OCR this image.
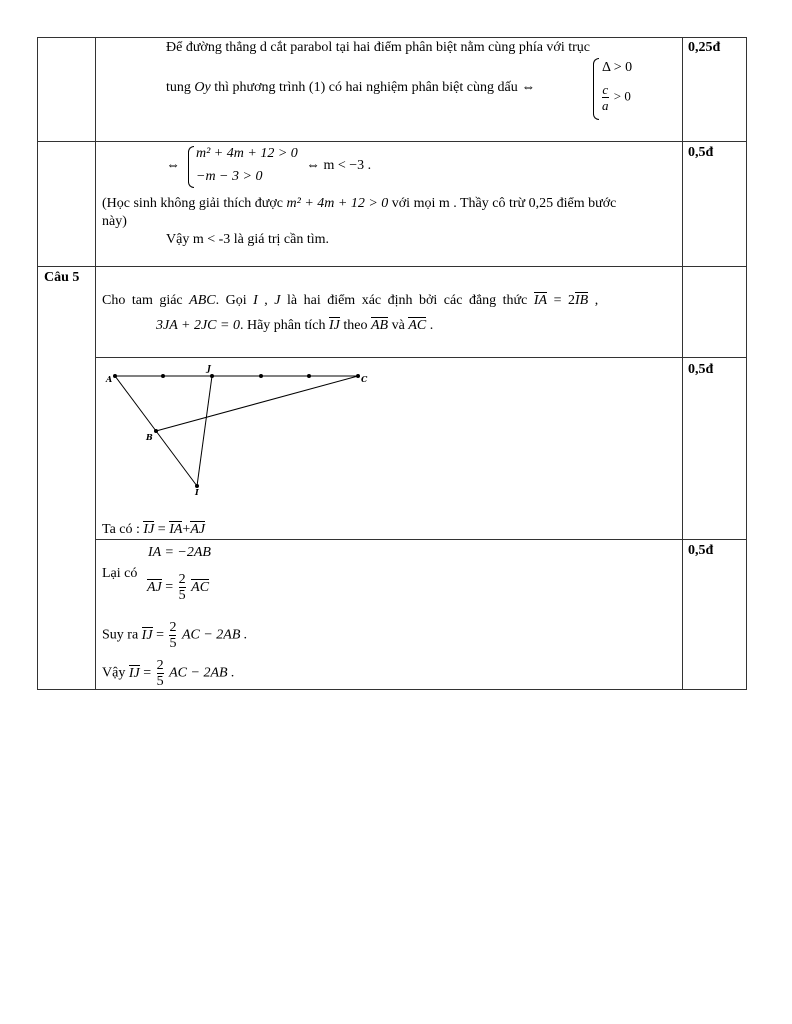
Để đường thẳng d cắt parabol tại hai điểm phân biệt nằm cùng phía với trục
tung Oy thì phương trình (1) có hai nghiệm phân biệt cùng dấu ⇔
Δ > 0
$\frac{c}{a} > 0$
0,25đ
⇔
m² + 4m + 12 > 0
−m − 3 > 0
⇔ m < −3 .
(Học sinh không giải thích được m² + 4m + 12 > 0 với mọi m . Thầy cô trừ 0,25 điểm bước
này)
Vậy m < -3 là giá trị cần tìm.
0,5đ
Câu 5
Cho tam giác ABC. Gọi I , J là hai điểm xác định bởi các đẳng thức IA = 2IB ,
3JA + 2JC = 0. Hãy phân tích IJ theo AB và AC .
A
J
C
B
I
0,5đ
Ta có : IJ = IA+AJ
IA = −2AB
Lại có
AJ = $\frac{2}{5}$ AC
Suy ra IJ = $\frac{2}{5}$ AC − 2AB .
Vậy IJ = $\frac{2}{5}$ AC − 2AB .
0,5đ
